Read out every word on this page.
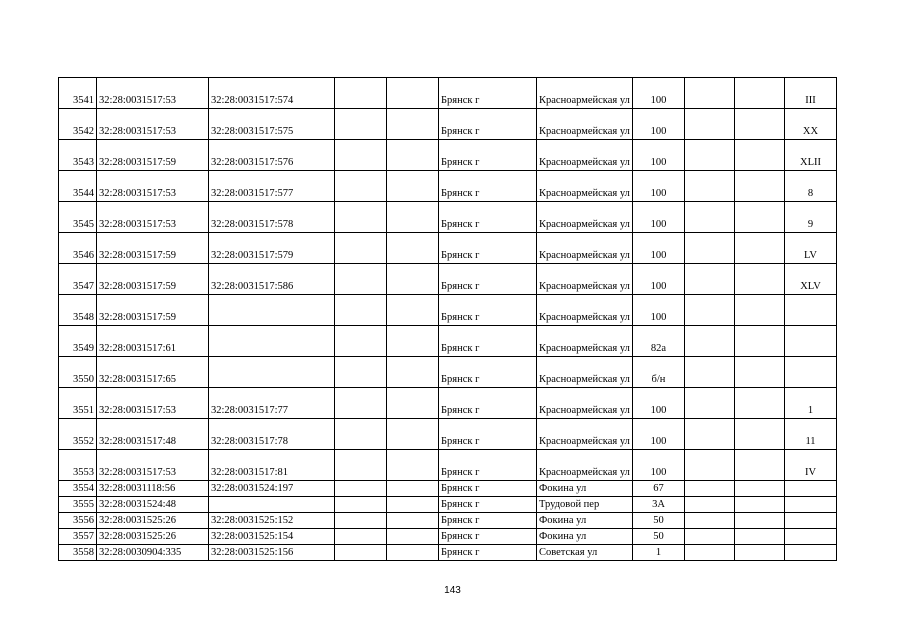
3541	32:28:0031517:53	32:28:0031517:574			Брянск г	Красноармейская ул	100			III
3542	32:28:0031517:53	32:28:0031517:575			Брянск г	Красноармейская ул	100			XX
3543	32:28:0031517:59	32:28:0031517:576			Брянск г	Красноармейская ул	100			XLII
3544	32:28:0031517:53	32:28:0031517:577			Брянск г	Красноармейская ул	100			8
3545	32:28:0031517:53	32:28:0031517:578			Брянск г	Красноармейская ул	100			9
3546	32:28:0031517:59	32:28:0031517:579			Брянск г	Красноармейская ул	100			LV
3547	32:28:0031517:59	32:28:0031517:586			Брянск г	Красноармейская ул	100			XLV
3548	32:28:0031517:59				Брянск г	Красноармейская ул	100			
3549	32:28:0031517:61				Брянск г	Красноармейская ул	82а			
3550	32:28:0031517:65				Брянск г	Красноармейская ул	б/н			
3551	32:28:0031517:53	32:28:0031517:77			Брянск г	Красноармейская ул	100			1
3552	32:28:0031517:48	32:28:0031517:78			Брянск г	Красноармейская ул	100			11
3553	32:28:0031517:53	32:28:0031517:81			Брянск г	Красноармейская ул	100			IV
3554	32:28:0031118:56	32:28:0031524:197			Брянск г	Фокина ул	67			
3555	32:28:0031524:48				Брянск г	Трудовой пер	3А			
3556	32:28:0031525:26	32:28:0031525:152			Брянск г	Фокина ул	50			
3557	32:28:0031525:26	32:28:0031525:154			Брянск г	Фокина ул	50			
3558	32:28:0030904:335	32:28:0031525:156			Брянск г	Советская ул	1			
143
